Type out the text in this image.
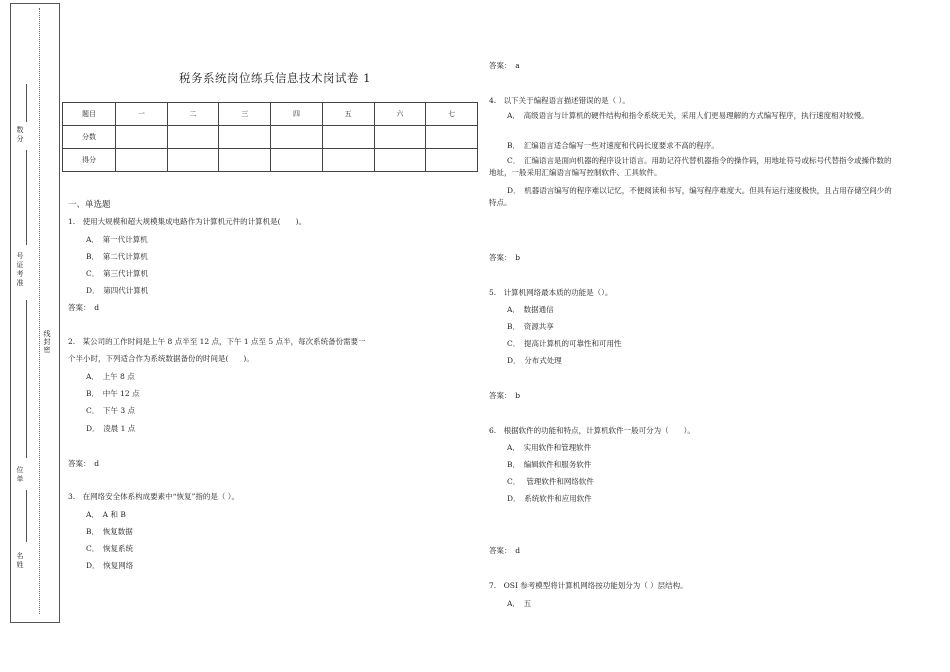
线封密
数分
号证考准
位单
名姓
税务系统岗位练兵信息技术岗试卷 1
题目	一	二	三	四	五	六	七
分数							
得分							
一、单选题
1.　使用大规模和超大规模集成电路作为计算机元件的计算机是(　　)。
A．　第一代计算机
B．　第二代计算机
C．　第三代计算机
D．　第四代计算机
答案：　d
2.　某公司的工作时间是上午 8 点半至 12 点，下午 1 点至 5 点半，每次系统备份需要一
个半小时，下列适合作为系统数据备份的时间是(　　)。
A．　上午 8 点
B．　中午 12 点
C．　下午 3 点
D．　凌晨 1 点
答案：　d
3.　在网络安全体系构成要素中“恢复”指的是（ ）。
A．　A 和 B
B．　恢复数据
C．　恢复系统
D．　恢复网络
答案：　a
4.　以下关于编程语言描述错误的是（ ）。
A．　高级语言与计算机的硬件结构和指令系统无关，采用人们更易理解的方式编写程序，执行速度相对较慢。
B．　汇编语言适合编写一些对速度和代码长度要求不高的程序。
C．　汇编语言是面向机器的程序设计语言。用助记符代替机器指令的操作码，用地址符号或标号代替指令或操作数的地址，一般采用汇编语言编写控制软件、工具软件。
D．　机器语言编写的程序难以记忆，不便阅读和书写，编写程序难度大。但具有运行速度极快，且占用存储空间少的特点。
答案：　b
5.　计算机网络最本质的功能是（）。
A．　数据通信
B．　资源共享
C．　提高计算机的可靠性和可用性
D．　分布式处理
答案：　b
6.　根据软件的功能和特点，计算机软件一般可分为（　　）。
A．　实用软件和管理软件
B．　编辑软件和服务软件
C．　 管理软件和网络软件
D．　系统软件和应用软件
答案：　d
7.　OSI 参考模型将计算机网络按功能划分为（ ）层结构。
A．　五
